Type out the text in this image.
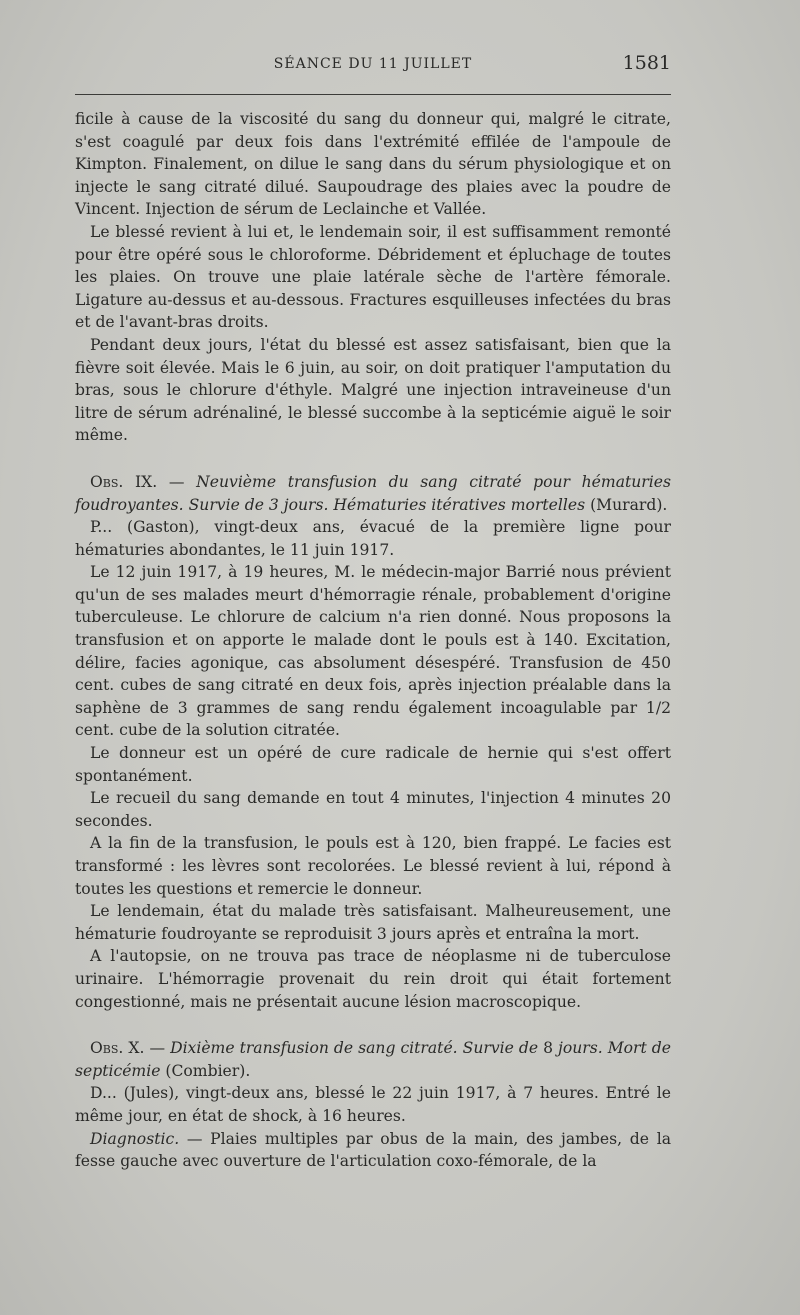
SÉANCE DU 11 JUILLET	1581

ficile à cause de la viscosité du sang du donneur qui, malgré le citrate, s'est coagulé par deux fois dans l'extrémité effilée de l'ampoule de Kimpton. Finalement, on dilue le sang dans du sérum physiologique et on injecte le sang citraté dilué. Saupoudrage des plaies avec la poudre de Vincent. Injection de sérum de Leclainche et Vallée.

Le blessé revient à lui et, le lendemain soir, il est suffisamment remonté pour être opéré sous le chloroforme. Débridement et épluchage de toutes les plaies. On trouve une plaie latérale sèche de l'artère fémorale. Ligature au-dessus et au-dessous. Fractures esquilleuses infectées du bras et de l'avant-bras droits.

Pendant deux jours, l'état du blessé est assez satisfaisant, bien que la fièvre soit élevée. Mais le 6 juin, au soir, on doit pratiquer l'amputation du bras, sous le chlorure d'éthyle. Malgré une injection intraveineuse d'un litre de sérum adrénaliné, le blessé succombe à la septicémie aiguë le soir même.

Obs. IX. — Neuvième transfusion du sang citraté pour hématuries foudroyantes. Survie de 3 jours. Hématuries itératives mortelles (Murard).

P... (Gaston), vingt-deux ans, évacué de la première ligne pour hématuries abondantes, le 11 juin 1917.

Le 12 juin 1917, à 19 heures, M. le médecin-major Barrié nous prévient qu'un de ses malades meurt d'hémorragie rénale, probablement d'origine tuberculeuse. Le chlorure de calcium n'a rien donné. Nous proposons la transfusion et on apporte le malade dont le pouls est à 140. Excitation, délire, facies agonique, cas absolument désespéré. Transfusion de 450 cent. cubes de sang citraté en deux fois, après injection préalable dans la saphène de 3 grammes de sang rendu également incoagulable par 1/2 cent. cube de la solution citratée.

Le donneur est un opéré de cure radicale de hernie qui s'est offert spontanément.

Le recueil du sang demande en tout 4 minutes, l'injection 4 minutes 20 secondes.

A la fin de la transfusion, le pouls est à 120, bien frappé. Le facies est transformé : les lèvres sont recolorées. Le blessé revient à lui, répond à toutes les questions et remercie le donneur.

Le lendemain, état du malade très satisfaisant. Malheureusement, une hématurie foudroyante se reproduisit 3 jours après et entraîna la mort.

A l'autopsie, on ne trouva pas trace de néoplasme ni de tuberculose urinaire. L'hémorragie provenait du rein droit qui était fortement congestionné, mais ne présentait aucune lésion macroscopique.

Obs. X. — Dixième transfusion de sang citraté. Survie de 8 jours. Mort de septicémie (Combier).

D... (Jules), vingt-deux ans, blessé le 22 juin 1917, à 7 heures. Entré le même jour, en état de shock, à 16 heures.

Diagnostic. — Plaies multiples par obus de la main, des jambes, de la fesse gauche avec ouverture de l'articulation coxo-fémorale, de la
